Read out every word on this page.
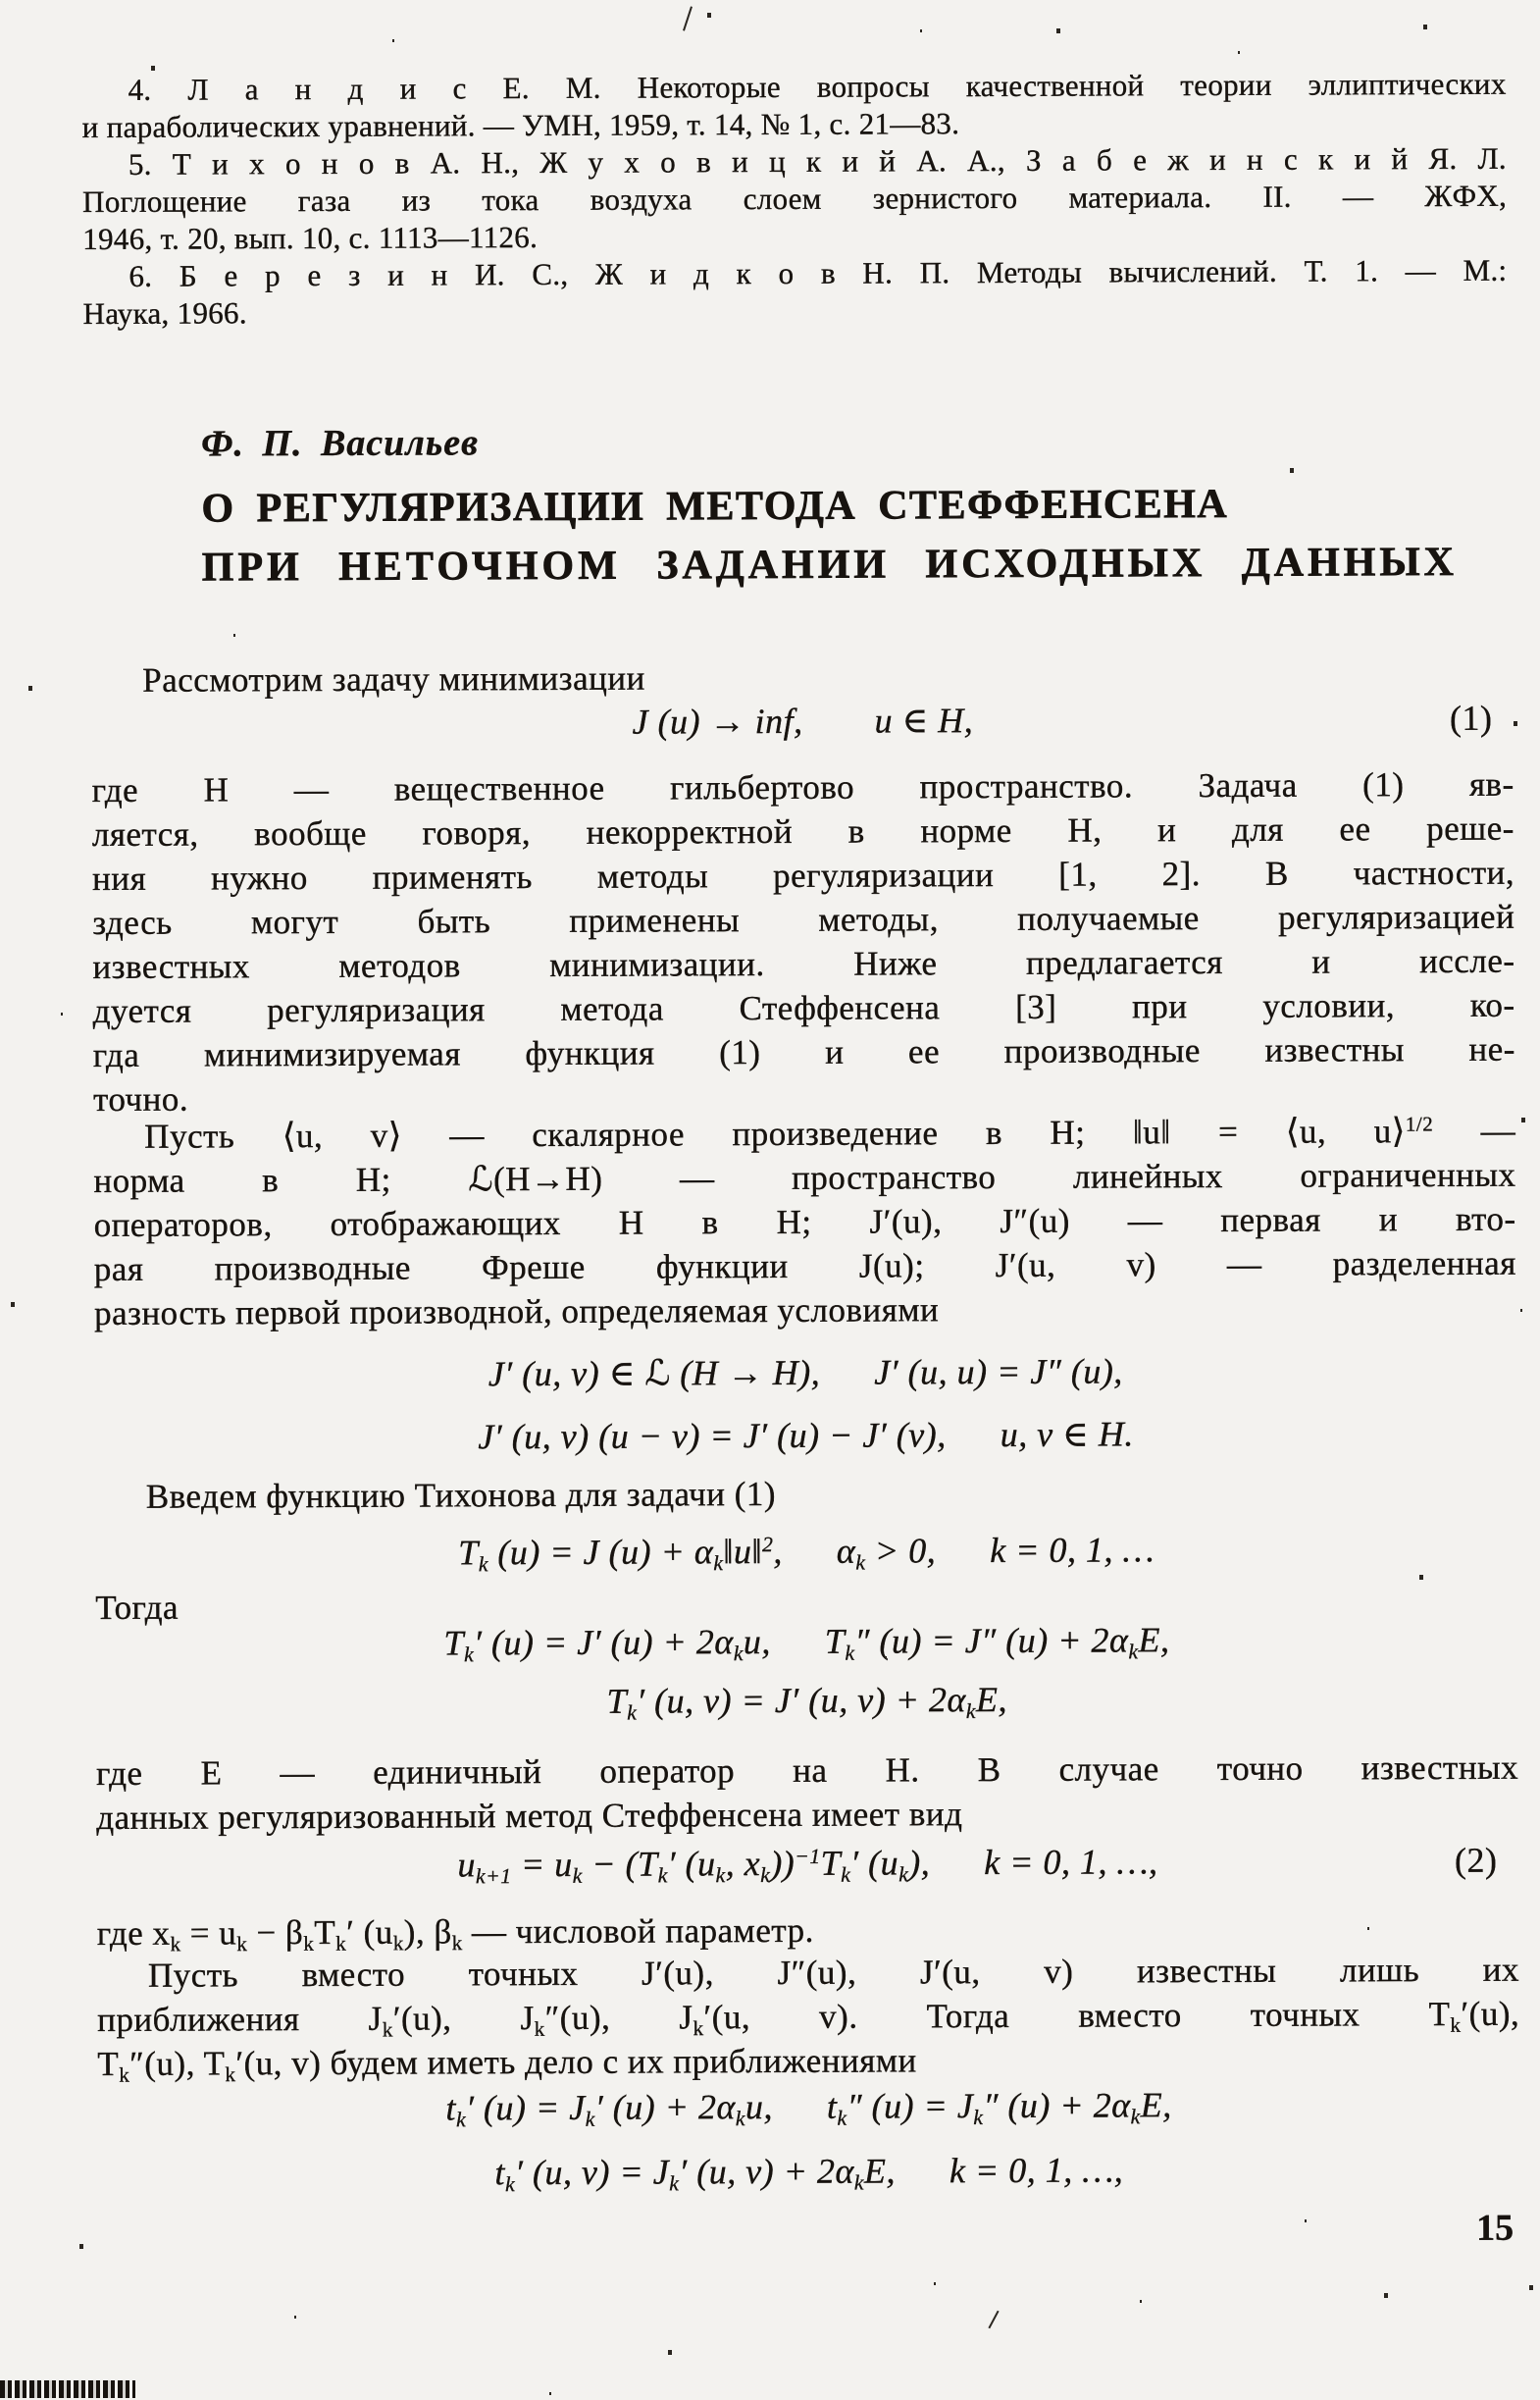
4. Л а н д и с Е. М. Некоторые вопросы качественной теории эллиптических
и параболических уравнений. — УМН, 1959, т. 14, № 1, с. 21—83.
5. Т и х о н о в А. Н., Ж у х о в и ц к и й А. А., З а б е ж и н с к и й Я. Л.
Поглощение газа из тока воздуха слоем зернистого материала. II. — ЖФХ,
1946, т. 20, вып. 10, с. 1113—1126.
6. Б е р е з и н И. С., Ж и д к о в Н. П. Методы вычислений. Т. 1. — М.:
Наука, 1966.
Ф. П. Васильев
О РЕГУЛЯРИЗАЦИИ МЕТОДА СТЕФФЕНСЕНА
ПРИ НЕТОЧНОМ ЗАДАНИИ ИСХОДНЫХ ДАННЫХ
Рассмотрим задачу минимизации
J (u) → inf,  u ∈ H,	(1)
где H — вещественное гильбертово пространство. Задача (1) яв-
ляется, вообще говоря, некорректной в норме H, и для ее реше-
ния нужно применять методы регуляризации [1, 2]. В частности,
здесь могут быть применены методы, получаемые регуляризацией
известных методов минимизации. Ниже предлагается и иссле-
дуется регуляризация метода Стеффенсена [3] при условии, ко-
гда минимизируемая функция (1) и ее производные известны не-
точно.
Пусть ⟨u, v⟩ — скалярное произведение в H; ‖u‖ = ⟨u, u⟩$^{1/2}$ —
норма в H; ℒ(H→H) — пространство линейных ограниченных
операторов, отображающих H в H; J′(u), J″(u) — первая и вто-
рая производные Фреше функции J(u); J′(u, v) — разделенная
разность первой производной, определяемая условиями
J′ (u, v) ∈ ℒ (H → H),  J′ (u, u) = J″ (u),
J′ (u, v) (u − v) = J′ (u) − J′ (v),  u, v ∈ H.
Введем функцию Тихонова для задачи (1)
$T_k$ (u) = J $(u) + \alpha_k‖u‖^2$,  $\alpha_k > 0$,  k = 0, 1, …
Тогда
$T_k'$ (u) = J′ $(u) + 2\alpha_ku$,  $T_k''$ (u) = J″ $(u) + 2\alpha_kE$,
$T_k'$ (u, v) = J′ (u, $v) + 2\alpha_kE$,
где E — единичный оператор на H. В случае точно известных
данных регуляризованный метод Стеффенсена имеет вид
$u_{k+1} = u_k - (T_k'$ ($u_k$, $x_k))^{-1}T_k'$ $(u_k)$,  k = 0, 1, …,	(2)
где $x_k = u_k - \beta_kT_k'$ $(u_k)$, $\beta_k$ — числовой параметр.
Пусть вместо точных J′(u), J″(u), J′(u, v) известны лишь их
приближения $J_k'(u)$, $J_k''(u)$, $J_k'(u$, v). Тогда вместо точных $T_k'(u)$,
$T_k''(u)$, $T_k'(u$, v) будем иметь дело с их приближениями
$t_k'$ $(u) = J_k'$ $(u) + 2\alpha_ku$,  $t_k''$ $(u) = J_k''$ $(u) + 2\alpha_kE$,
$t_k'$ (u, $v) = J_k'$ (u, $v) + 2\alpha_kE$,  k = 0, 1, …,
15
